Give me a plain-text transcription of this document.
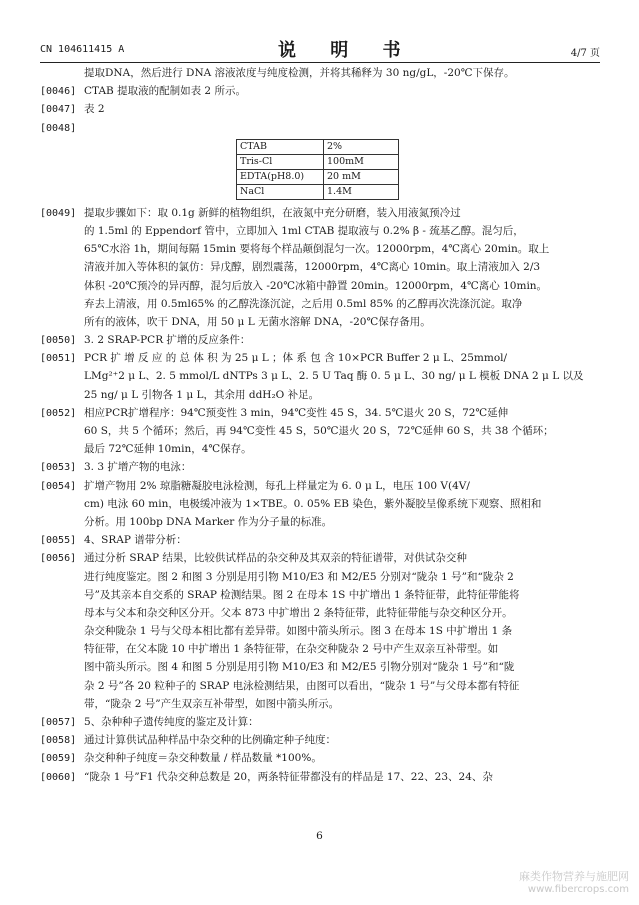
CN 104611415 A	说 明 书	4/7 页
提取DNA，然后进行 DNA 溶液浓度与纯度检测，并将其稀释为 30 ng/gL，-20℃下保存。
[0046] CTAB 提取液的配制如表 2 所示。
[0047] 表 2
[0048]
CTAB	2%
Tris-Cl	100mM
EDTA(pH8.0)	20 mM
NaCl	1.4M
[0049] 提取步骤如下：取 0.1g 新鲜的植物组织，在液氮中充分研磨，装入用液氮预冷过
的 1.5ml 的 Eppendorf 管中，立即加入 1ml CTAB 提取液与 0.2% β - 巯基乙醇。混匀后，
65℃水浴 1h，期间每隔 15min 要将每个样品颠倒混匀一次。12000rpm，4℃离心 20min。取上
清液并加入等体积的氯仿：异戊醇，剧烈震荡，12000rpm，4℃离心 10min。取上清液加入 2/3
体积 -20℃预冷的异丙醇，混匀后放入 -20℃冰箱中静置 20min。12000rpm，4℃离心 10min。
弃去上清液，用 0.5ml65% 的乙醇洗涤沉淀，之后用 0.5ml 85% 的乙醇再次洗涤沉淀。取净
所有的液体，吹干 DNA，用 50 μ L 无菌水溶解 DNA，-20℃保存备用。
[0050] 3. 2 SRAP-PCR 扩增的反应条件：
[0051] PCR 扩 增 反 应 的 总 体 积 为 25 μ L ；体 系 包 含 10×PCR Buffer 2 μ L、25mmol/
LMg²⁺2 μ L、2. 5 mmol/L dNTPs 3 μ L、2. 5 U Taq 酶 0. 5 μ L、30 ng/ μ L 模板 DNA 2 μ L 以及
25 ng/ μ L 引物各 1 μ L，其余用 ddH₂O 补足。
[0052] 相应PCR扩增程序：94℃预变性 3 min，94℃变性 45 S，34. 5℃退火 20 S，72℃延伸
60 S，共 5 个循环；然后，再 94℃变性 45 S，50℃退火 20 S，72℃延伸 60 S，共 38 个循环；
最后 72℃延伸 10min，4℃保存。
[0053] 3. 3 扩增产物的电泳：
[0054] 扩增产物用 2% 琼脂糖凝胶电泳检测，每孔上样量定为 6. 0 μ L，电压 100 V(4V/
cm) 电泳 60 min，电极缓冲液为 1×TBE。0. 05% EB 染色，紫外凝胶呈像系统下观察、照相和
分析。用 100bp DNA Marker 作为分子量的标准。
[0055] 4、SRAP 谱带分析：
[0056] 通过分析 SRAP 结果，比较供试样品的杂交种及其双亲的特征谱带，对供试杂交种
进行纯度鉴定。图 2 和图 3 分别是用引物 M10/E3 和 M2/E5 分别对“陇杂 1 号”和“陇杂 2
号”及其亲本自交系的 SRAP 检测结果。图 2 在母本 1S 中扩增出 1 条特征带，此特征带能将
母本与父本和杂交种区分开。父本 873 中扩增出 2 条特征带，此特征带能与杂交种区分开。
杂交种陇杂 1 号与父母本相比都有差异带。如图中箭头所示。图 3 在母本 1S 中扩增出 1 条
特征带，在父本陇 10 中扩增出 1 条特征带，在杂交种陇杂 2 号中产生双亲互补带型。如
图中箭头所示。图 4 和图 5 分别是用引物 M10/E3 和 M2/E5 引物分别对“陇杂 1 号”和“陇
杂 2 号”各 20 粒种子的 SRAP 电泳检测结果，由图可以看出，“陇杂 1 号”与父母本都有特征
带，“陇杂 2 号”产生双亲互补带型，如图中箭头所示。
[0057] 5、杂种种子遗传纯度的鉴定及计算：
[0058] 通过计算供试品种样品中杂交种的比例确定种子纯度：
[0059] 杂交种种子纯度＝杂交种数量 / 样品数量 *100%。
[0060] “陇杂 1 号”F1 代杂交种总数是 20，两条特征带都没有的样品是 17、22、23、24、杂
6
麻类作物营养与施肥网
www.fibercrops.com
